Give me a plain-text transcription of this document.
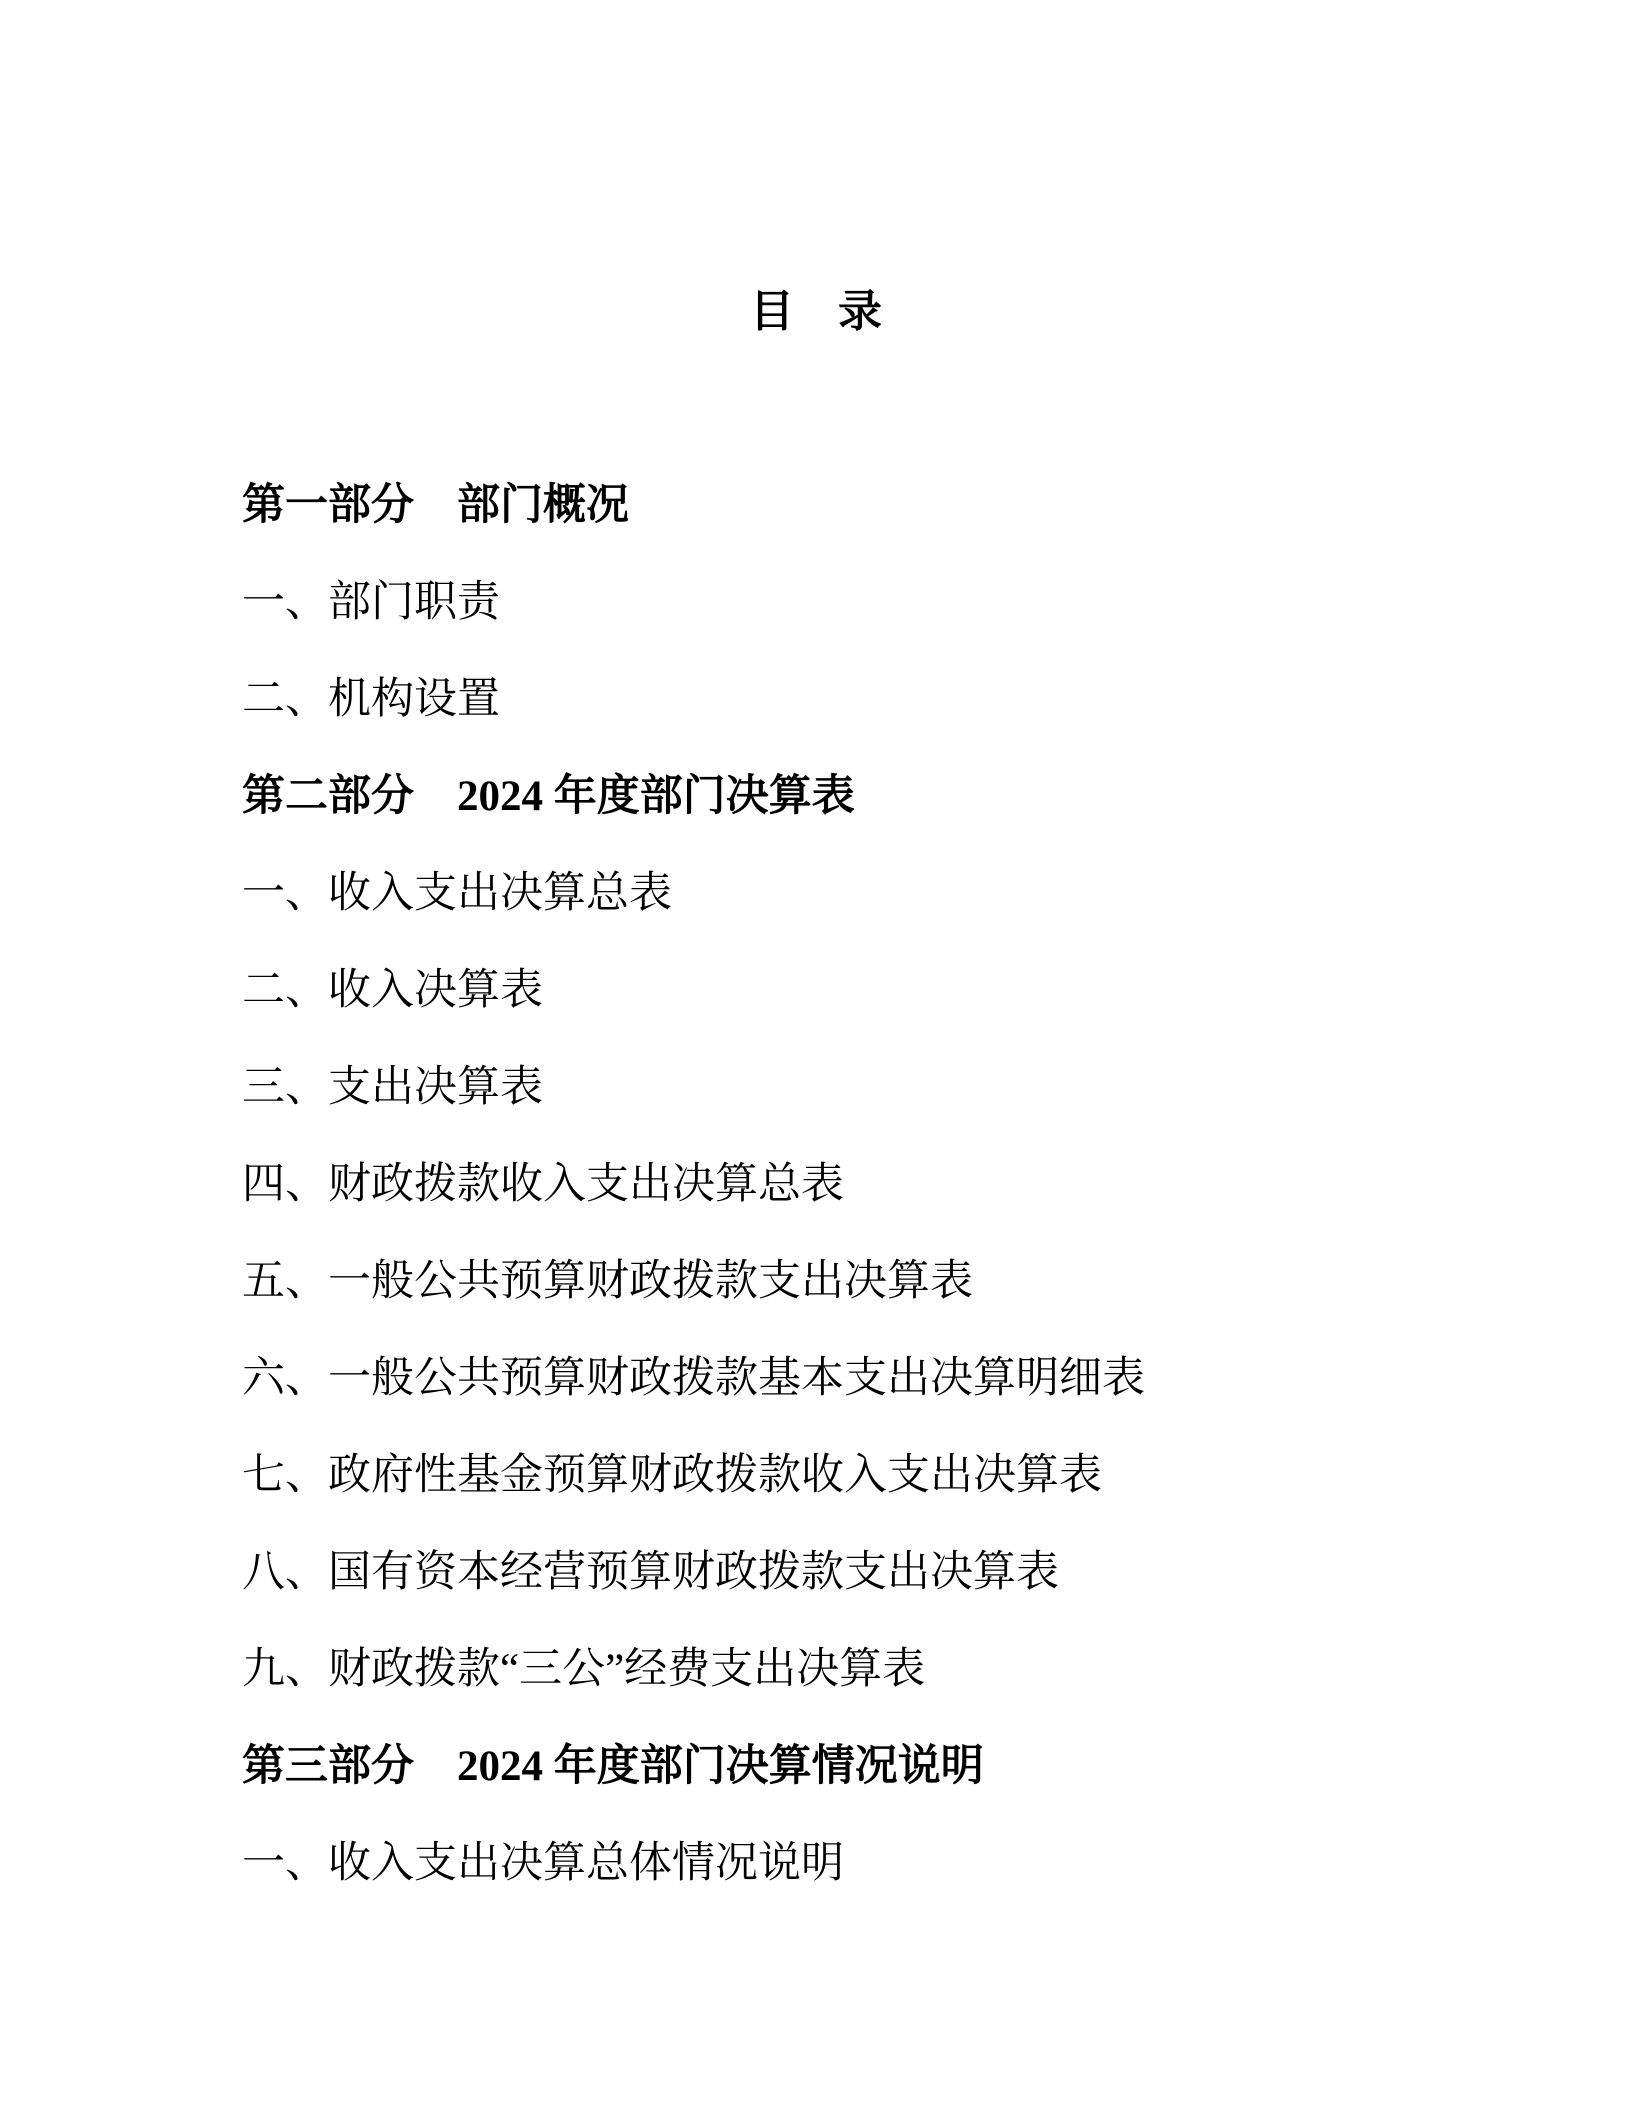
目　录
第一部分　部门概况
一、部门职责
二、机构设置
第二部分　2024 年度部门决算表
一、收入支出决算总表
二、收入决算表
三、支出决算表
四、财政拨款收入支出决算总表
五、一般公共预算财政拨款支出决算表
六、一般公共预算财政拨款基本支出决算明细表
七、政府性基金预算财政拨款收入支出决算表
八、国有资本经营预算财政拨款支出决算表
九、财政拨款“三公”经费支出决算表
第三部分　2024 年度部门决算情况说明
一、收入支出决算总体情况说明
